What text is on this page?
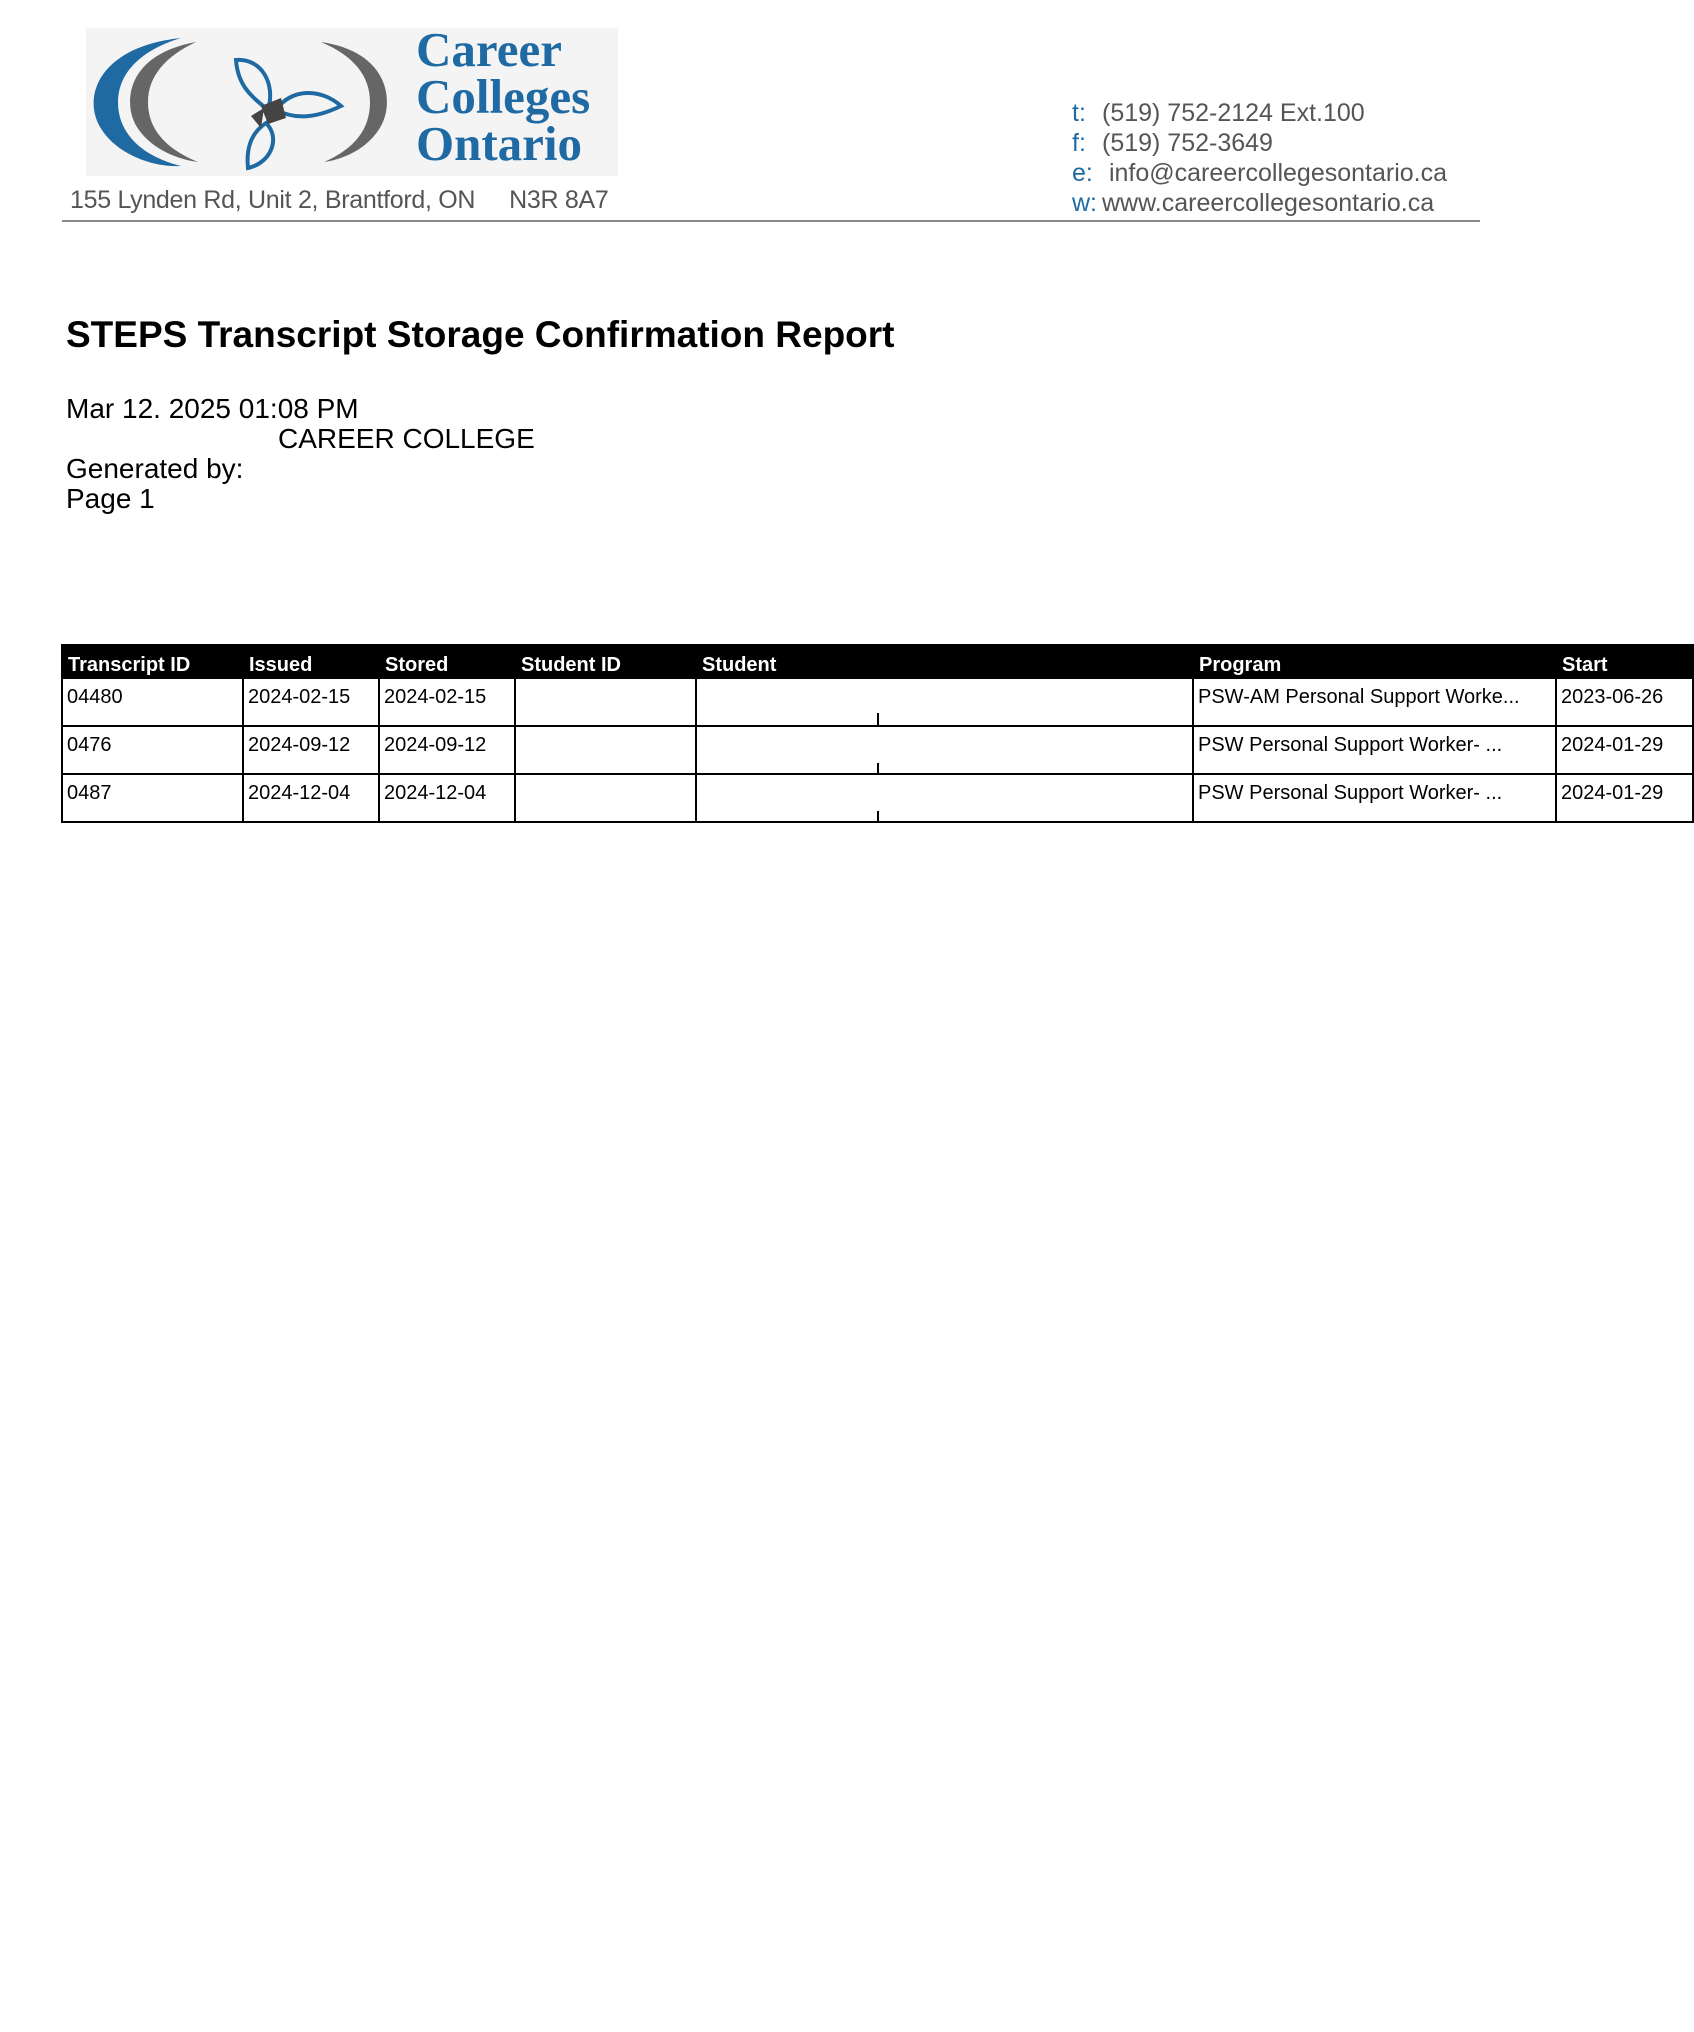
Career
Colleges
Ontario
155 Lynden Rd, Unit 2, Brantford, ON N3R 8A7
t: (519) 752-2124 Ext.100
f: (519) 752-3649
e: info@careercollegesontario.ca
w: www.careercollegesontario.ca
STEPS Transcript Storage Confirmation Report
Mar 12. 2025 01:08 PM
CAREER COLLEGE
Generated by:
Page 1
Transcript ID	Issued	Stored	Student ID	Student	Program	Start
04480	2024-02-15	2024-02-15			PSW-AM Personal Support Worke...	2023-06-26
0476	2024-09-12	2024-09-12			PSW Personal Support Worker- ...	2024-01-29
0487	2024-12-04	2024-12-04			PSW Personal Support Worker- ...	2024-01-29
